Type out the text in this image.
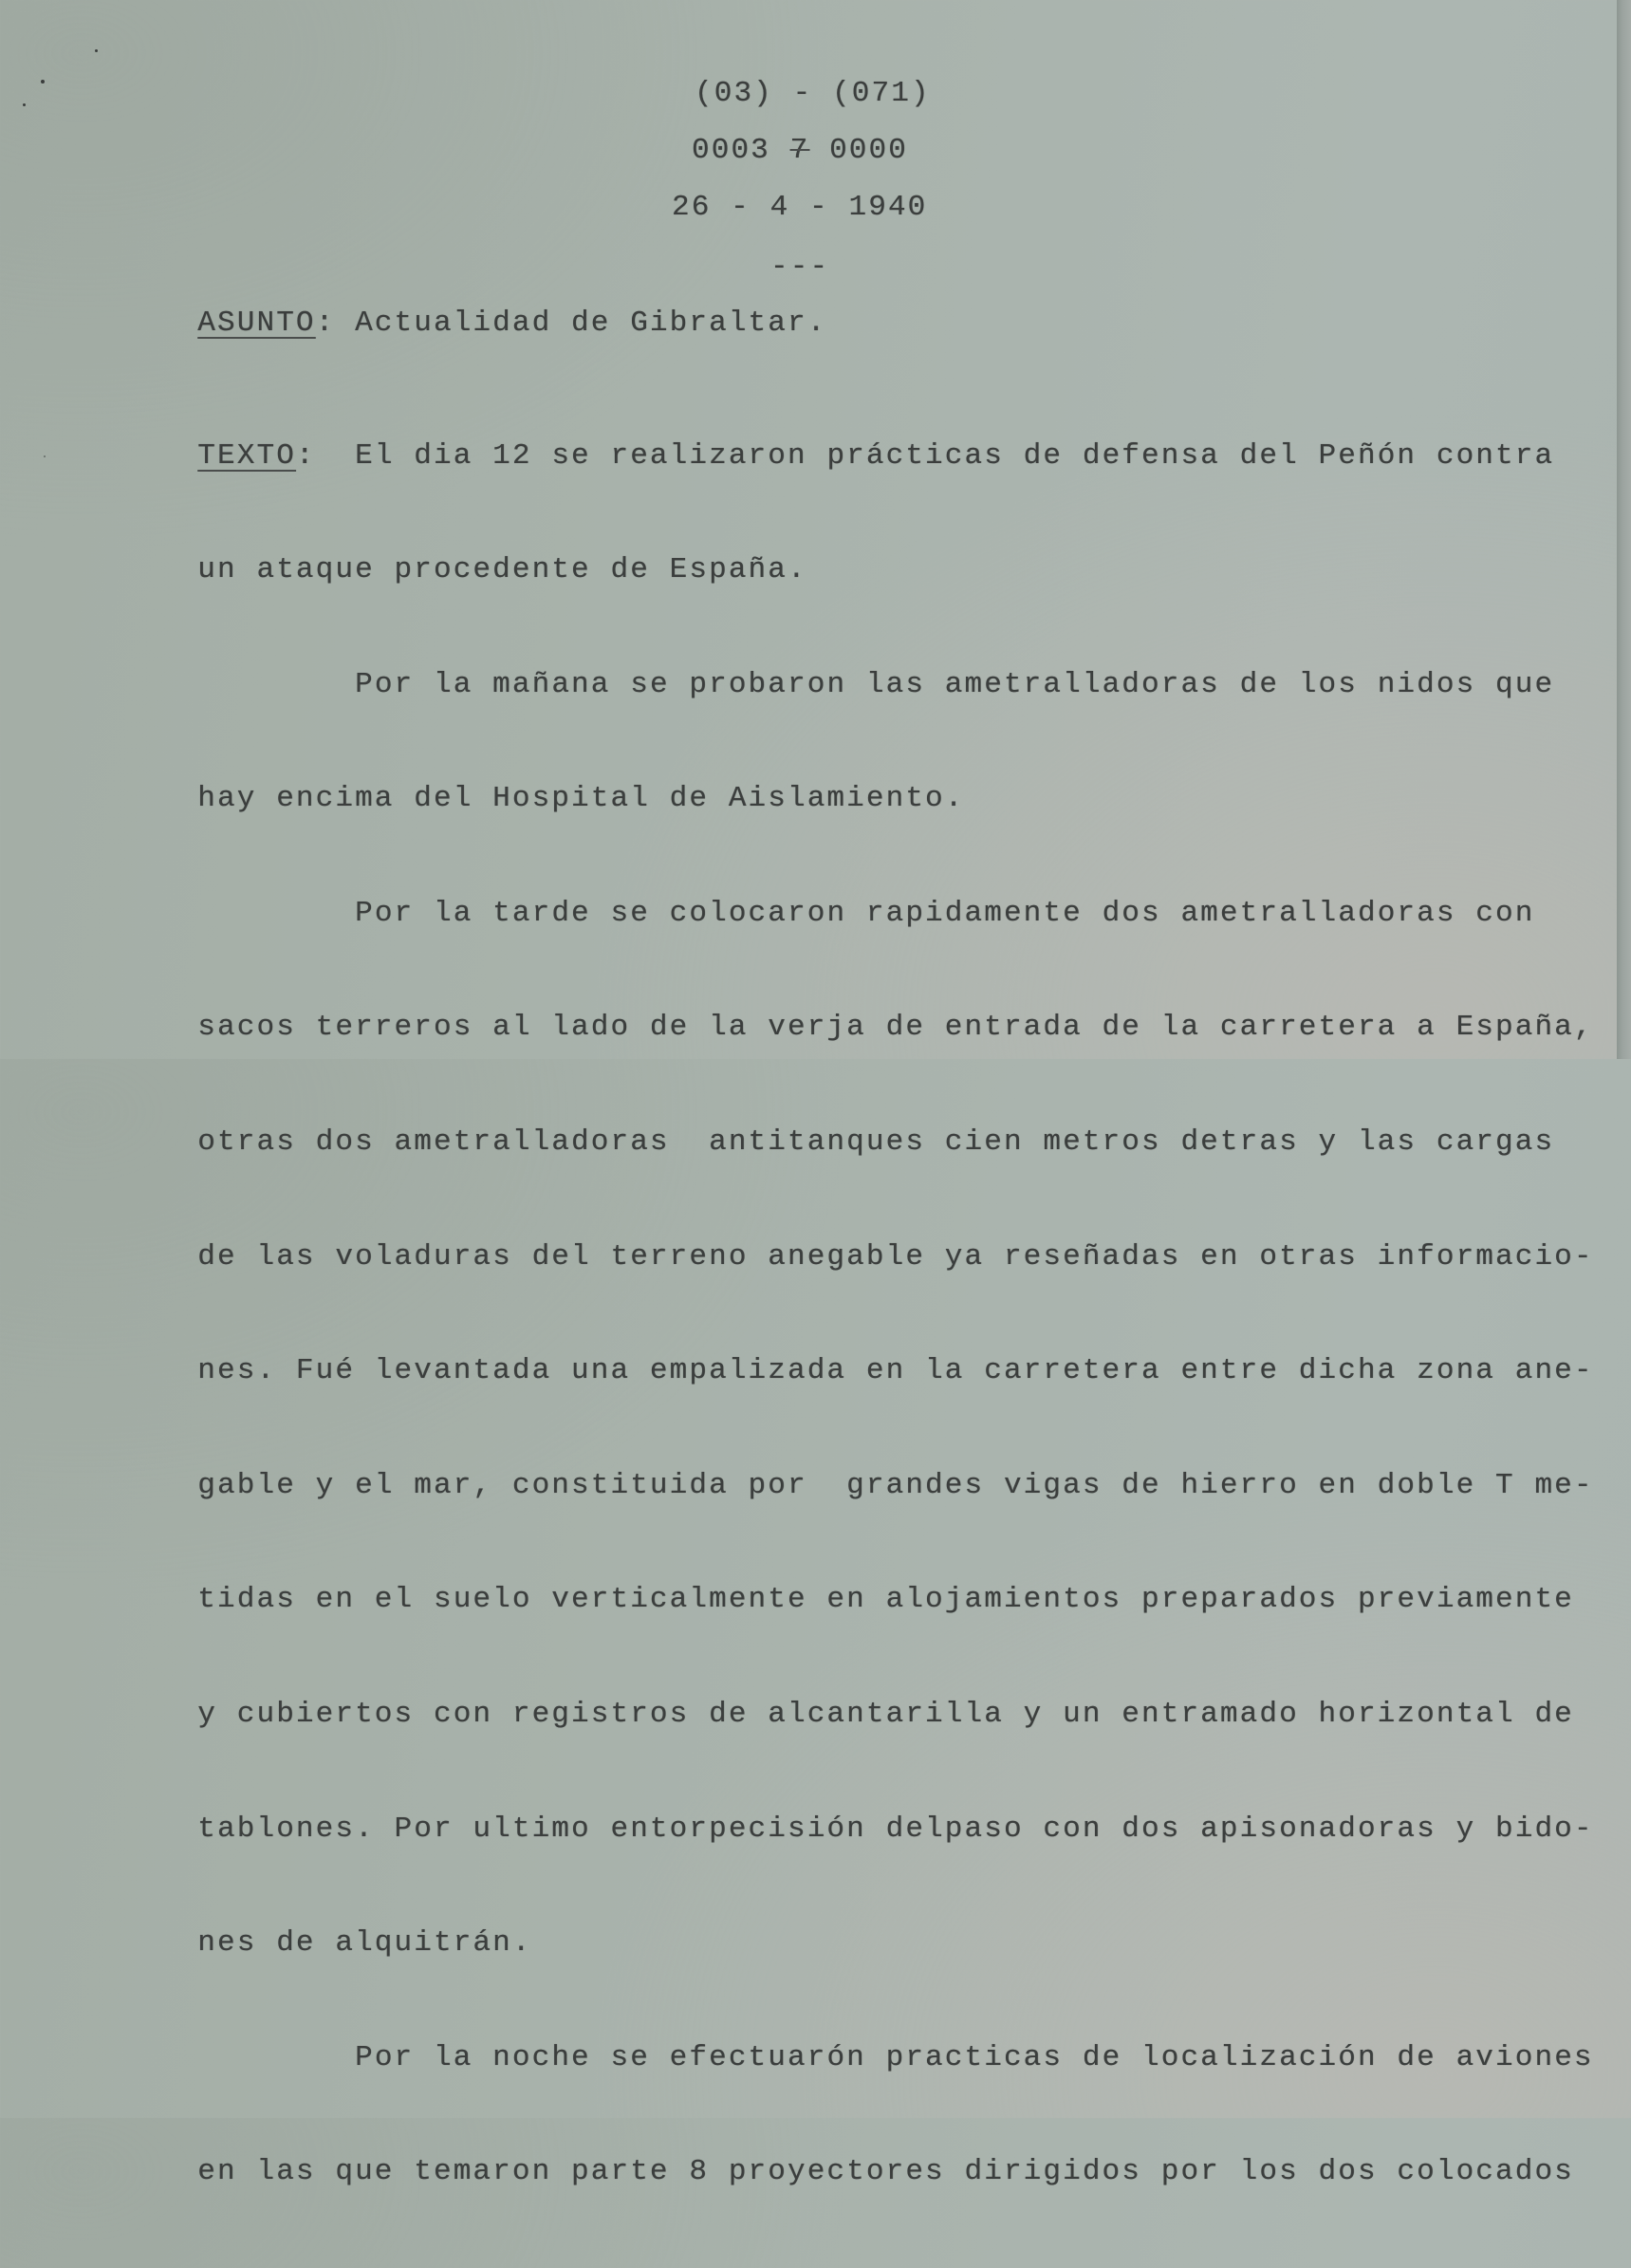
(03) - (071)
0003 7 0000
26 - 4 - 1940
---
ASUNTO: Actualidad de Gibraltar.

TEXTO:  El dia 12 se realizaron prácticas de defensa del Peñón contra

un ataque procedente de España.

Por la mañana se probaron las ametralladoras de los nidos que

hay encima del Hospital de Aislamiento.

Por la tarde se colocaron rapidamente dos ametralladoras con

sacos terreros al lado de la verja de entrada de la carretera a España,

otras dos ametralladoras  antitanques cien metros detras y las cargas

de las voladuras del terreno anegable ya reseñadas en otras informacio-

nes. Fué levantada una empalizada en la carretera entre dicha zona ane-

gable y el mar, constituida por  grandes vigas de hierro en doble T me-

tidas en el suelo verticalmente en alojamientos preparados previamente

y cubiertos con registros de alcantarilla y un entramado horizontal de

tablones. Por ultimo entorpecisión delpaso con dos apisonadoras y bido-

nes de alquitrán.

Por la noche se efectuarón practicas de localización de aviones

en las que temaron parte 8 proyectores dirigidos por los dos colocados
